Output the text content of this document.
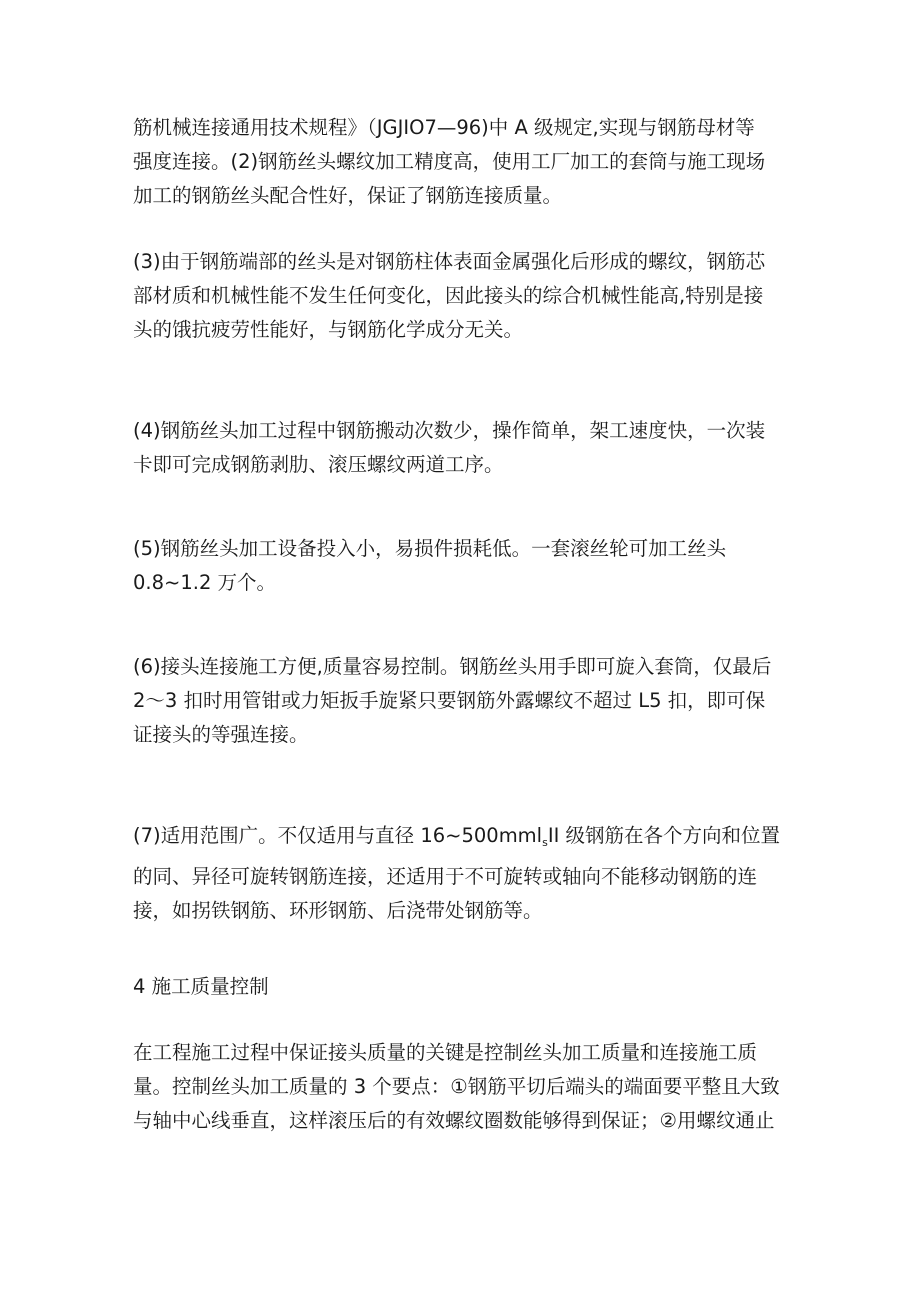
筋机械连接通用技术规程》（JGJIO7—96)中 A 级规定,实现与钢筋母材等
强度连接。(2)钢筋丝头螺纹加工精度高，使用工厂加工的套筒与施工现场
加工的钢筋丝头配合性好，保证了钢筋连接质量。

(3)由于钢筋端部的丝头是对钢筋柱体表面金属强化后形成的螺纹，钢筋芯
部材质和机械性能不发生任何变化，因此接头的综合机械性能高,特别是接
头的饿抗疲劳性能好，与钢筋化学成分无关。

(4)钢筋丝头加工过程中钢筋搬动次数少，操作简单，架工速度快，一次装
卡即可完成钢筋剥肋、滚压螺纹两道工序。

(5)钢筋丝头加工设备投入小，易损件损耗低。一套滚丝轮可加工丝头
0.8~1.2 万个。

(6)接头连接施工方便,质量容易控制。钢筋丝头用手即可旋入套筒，仅最后
2～3 扣时用管钳或力矩扳手旋紧只要钢筋外露螺纹不超过 L5 扣，即可保
证接头的等强连接。

(7)适用范围广。不仅适用与直径 16~500mml$_s$II 级钢筋在各个方向和位置
的同、异径可旋转钢筋连接，还适用于不可旋转或轴向不能移动钢筋的连
接，如拐铁钢筋、环形钢筋、后浇带处钢筋等。

4 施工质量控制

在工程施工过程中保证接头质量的关键是控制丝头加工质量和连接施工质
量。控制丝头加工质量的 3 个要点：①钢筋平切后端头的端面要平整且大致
与轴中心线垂直，这样滚压后的有效螺纹圈数能够得到保证；②用螺纹通止
